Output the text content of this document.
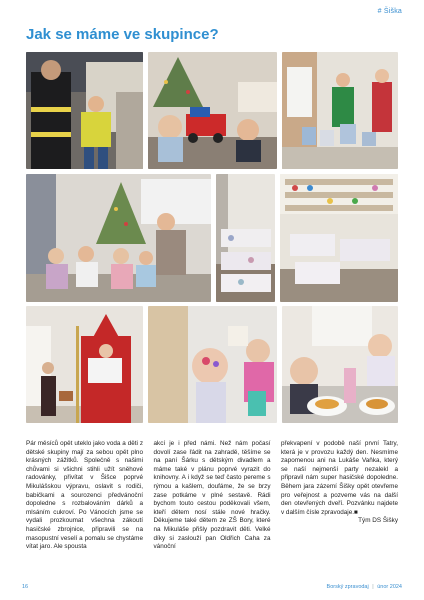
# Šiška
Jak se máme ve skupince?

Pár měsíců opět uteklo jako voda a děti z dětské skupiny mají za sebou opět plno krásných zážitků. Společně s našimi chůvami si všichni stihli užít sněhové radovánky, přivítat v Šišce poprvé Mikulášskou výpravu, oslavit s rodiči, babičkami a sourozenci předvánoční dopoledne s rozbalováním dárků a mlsáním cukroví. Po Vánocích jsme se vydali prozkoumat všechna zákoutí hasičské zbrojnice, připravili se na masopustní veselí a pomalu se chystáme vítat jaro. Ale spousta

akcí je i před námi. Než nám počasí dovolí zase řádit na zahradě, těšíme se na paní Šárku s dětským divadlem a máme také v plánu poprvé vyrazit do knihovny. A i když se teď často pereme s rýmou a kašlem, doufáme, že se brzy zase potkáme v plné sestavě. Rádi bychom touto cestou poděkovali všem, kteří dětem nosí stále nové hračky. Děkujeme také dětem ze ZŠ Bory, které na Mikuláše přišly pozdravit děti. Velké díky si zaslouží pan Oldřich Caha za vánoční

překvapení v podobě naší první Tatry, která je v provozu každý den. Nesmíme zapomenou ani na Lukáše Vaňka, který se naší nejmenší party nezalekl a připravil nám super hasičské dopoledne. Během jara zázemí Šišky opět otevřeme pro veřejnost a pozveme vás na další den otevřených dveří. Pozvánku najdete v dalším čísle zpravodaje.■

Tým DS Šišky

16	Borský zpravodaj | únor 2024
